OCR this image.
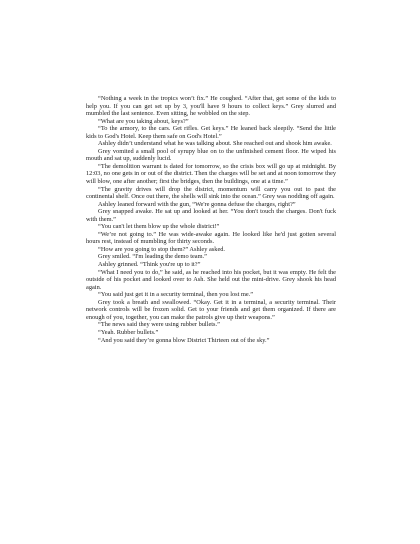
“Nothing a week in the tropics won’t fix.” He coughed. “After that, get some of the kids to help you. If you can get set up by 3, you'll have 9 hours to collect keys.” Grey slurred and mumbled the last sentence. Even sitting, he wobbled on the step.

“What are you taking about, keys?”

“To the armory, to the cars. Get rifles. Get keys.” He leaned back sleepily. “Send the little kids to God's Hotel. Keep them safe on God's Hotel.”

Ashley didn’t understand what he was talking about. She reached out and shook him awake.

Grey vomited a small pool of syrupy blue on to the unfinished cement floor. He wiped his mouth and sat up, suddenly lucid.

“The demolition warrant is dated for tomorrow, so the crisis box will go up at midnight. By 12:03, no one gets in or out of the district. Then the charges will be set and at noon tomorrow they will blow, one after another; first the bridges, then the buildings, one at a time.”

“The gravity drives will drop the district, momentum will carry you out to past the continental shelf. Once out there, the shells will sink into the ocean.” Grey was nodding off again.

Ashley leaned forward with the gun, “We're gonna defuse the charges, right?”

Grey snapped awake. He sat up and looked at her. “You don't touch the charges. Don't fuck with them.”

“You can't let them blow up the whole district!”

“We’re not going to.” He was wide-awake again. He looked like he'd just gotten several hours rest, instead of mumbling for thirty seconds.

“How are you going to stop them?” Ashley asked.

Grey smiled. “I'm leading the demo team.”

Ashley grinned. “Think you're up to it?”

“What I need you to do,” he said, as he reached into his pocket, but it was empty. He felt the outside of his pocket and looked over to Ash. She held out the mini-drive. Grey shook his head again.

“You said just get it in a security terminal, then you lost me.”

Grey took a breath and swallowed. “Okay. Get it in a terminal, a security terminal. Their network controls will be frozen solid. Get to your friends and get them organized. If there are enough of you, together, you can make the patrols give up their weapons.”

“The news said they were using rubber bullets.”

“Yeah. Rubber bullets.”

“And you said they’re gonna blow District Thirteen out of the sky.”
